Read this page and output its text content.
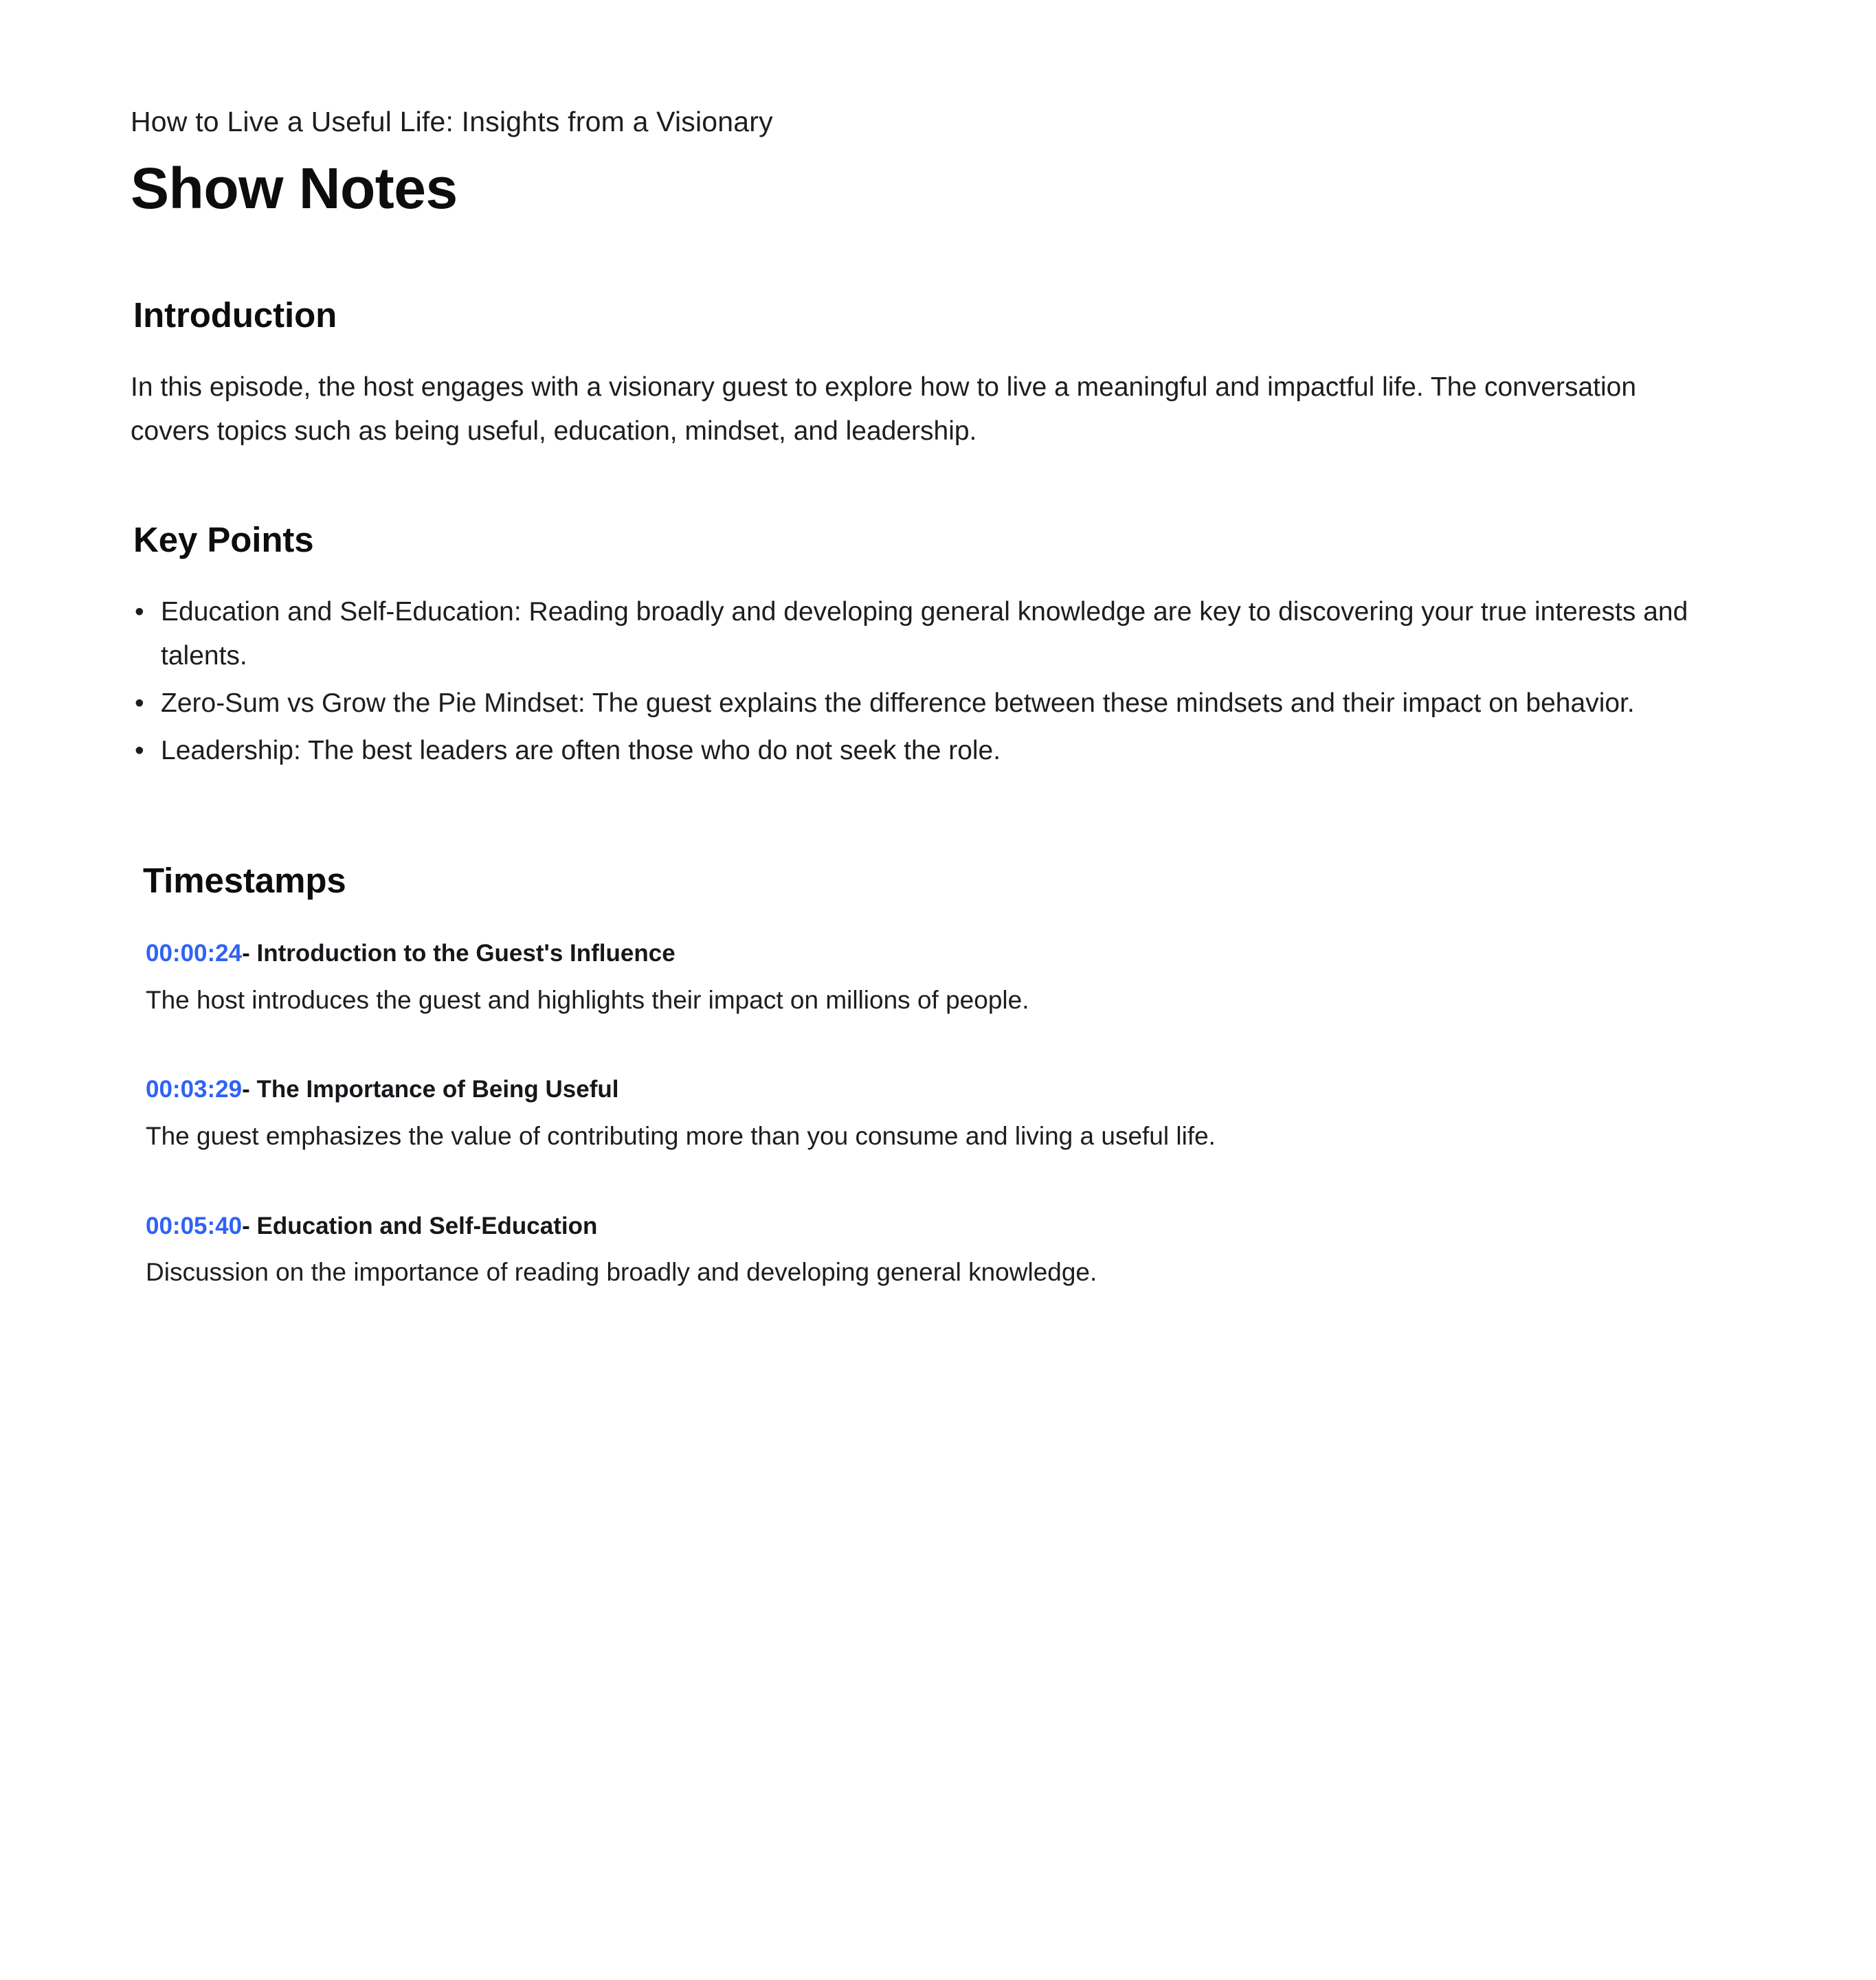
How to Live a Useful Life: Insights from a Visionary
Show Notes
Introduction

In this episode, the host engages with a visionary guest to explore how to live a meaningful and impactful life. The conversation covers topics such as being useful, education, mindset, and leadership.

Key Points
• Education and Self-Education: Reading broadly and developing general knowledge are key to discovering your true interests and talents.
• Zero-Sum vs Grow the Pie Mindset: The guest explains the difference between these mindsets and their impact on behavior.
• Leadership: The best leaders are often those who do not seek the role.
Timestamps
00:00:24- Introduction to the Guest's Influence
The host introduces the guest and highlights their impact on millions of people.
00:03:29- The Importance of Being Useful
The guest emphasizes the value of contributing more than you consume and living a useful life.
00:05:40- Education and Self-Education
Discussion on the importance of reading broadly and developing general knowledge.
